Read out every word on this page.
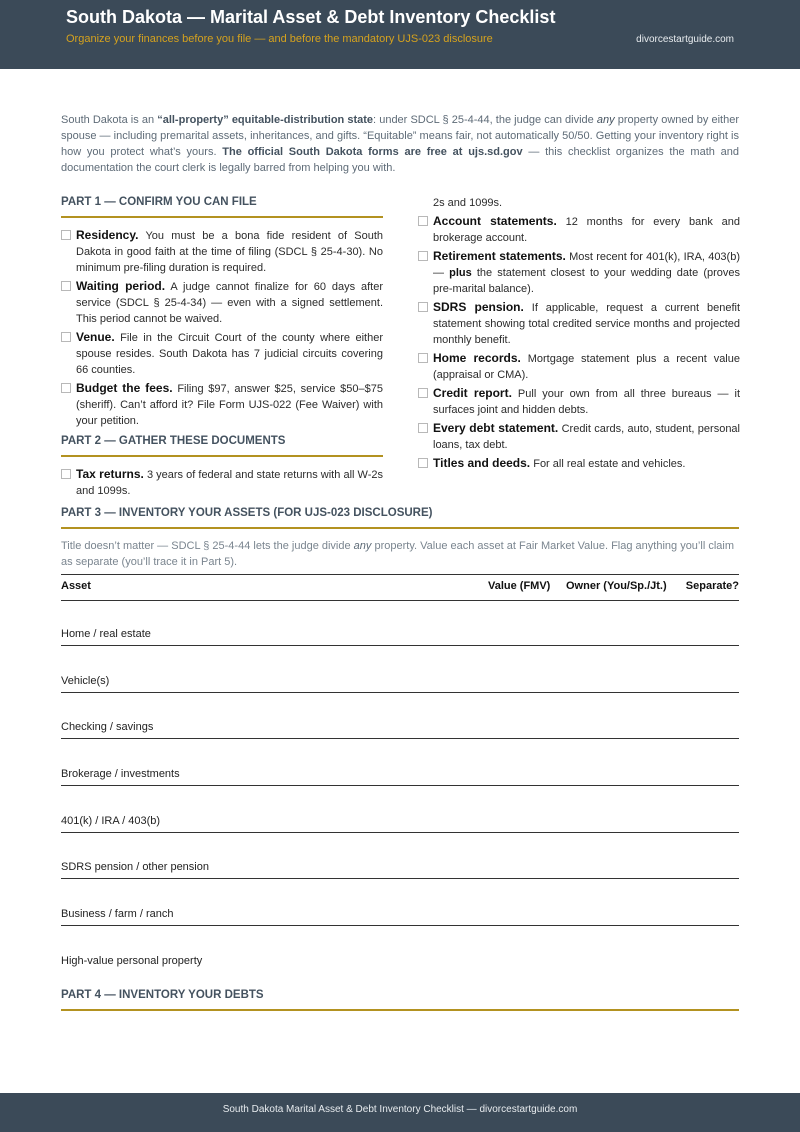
South Dakota — Marital Asset & Debt Inventory Checklist
Organize your finances before you file — and before the mandatory UJS-023 disclosure	divorcestartguide.com
South Dakota is an “all-property” equitable-distribution state: under SDCL § 25-4-44, the judge can divide any property owned by either spouse — including premarital assets, inheritances, and gifts. “Equitable” means fair, not automatically 50/50. Getting your inventory right is how you protect what’s yours. The official South Dakota forms are free at ujs.sd.gov — this checklist organizes the math and documentation the court clerk is legally barred from helping you with.
PART 1 — CONFIRM YOU CAN FILE
Residency. You must be a bona fide resident of South Dakota in good faith at the time of filing (SDCL § 25-4-30). No minimum pre-filing duration is required.
Waiting period. A judge cannot finalize for 60 days after service (SDCL § 25-4-34) — even with a signed settlement. This period cannot be waived.
Venue. File in the Circuit Court of the county where either spouse resides. South Dakota has 7 judicial circuits covering 66 counties.
Budget the fees. Filing $97, answer $25, service $50–$75 (sheriff). Can’t afford it? File Form UJS-022 (Fee Waiver) with your petition.
PART 2 — GATHER THESE DOCUMENTS
Tax returns. 3 years of federal and state returns with all W-2s and 1099s.
2s and 1099s.
Account statements. 12 months for every bank and brokerage account.
Retirement statements. Most recent for 401(k), IRA, 403(b) — plus the statement closest to your wedding date (proves pre-marital balance).
SDRS pension. If applicable, request a current benefit statement showing total credited service months and projected monthly benefit.
Home records. Mortgage statement plus a recent value (appraisal or CMA).
Credit report. Pull your own from all three bureaus — it surfaces joint and hidden debts.
Every debt statement. Credit cards, auto, student, personal loans, tax debt.
Titles and deeds. For all real estate and vehicles.
PART 3 — INVENTORY YOUR ASSETS (FOR UJS-023 DISCLOSURE)
Title doesn’t matter — SDCL § 25-4-44 lets the judge divide any property. Value each asset at Fair Market Value. Flag anything you’ll claim as separate (you’ll trace it in Part 5).
Asset	Value (FMV) Owner (You/Sp./Jt.) Separate?
Home / real estate
Vehicle(s)
Checking / savings
Brokerage / investments
401(k) / IRA / 403(b)
SDRS pension / other pension
Business / farm / ranch
High-value personal property
PART 4 — INVENTORY YOUR DEBTS
South Dakota Marital Asset & Debt Inventory Checklist — divorcestartguide.com
